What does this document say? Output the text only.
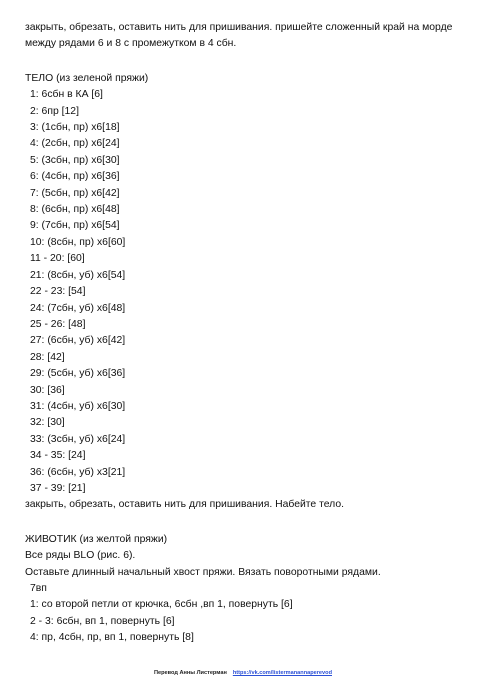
закрыть, обрезать, оставить нить для пришивания. пришейте сложенный край на морде между рядами 6 и 8 с промежутком в 4 сбн.

ТЕЛО (из зеленой пряжи)

1: 6сбн в КА [6]

2: 6пр [12]

3: (1сбн, пр) х6[18]

4: (2сбн, пр) х6[24]

5: (3сбн, пр) х6[30]

6: (4сбн, пр) х6[36]

7: (5сбн, пр) х6[42]

8: (6сбн, пр) х6[48]

9: (7сбн, пр) х6[54]

10: (8сбн, пр) х6[60]

11 - 20: [60]

21: (8сбн, уб) х6[54]

22 - 23: [54]

24: (7сбн, уб) х6[48]

25 - 26: [48]

27: (6сбн, уб) х6[42]

28: [42]

29: (5сбн, уб) х6[36]

30: [36]

31: (4сбн, уб) х6[30]

32: [30]

33: (3сбн, уб) х6[24]

34 - 35: [24]

36: (6сбн, уб) х3[21]

37 - 39: [21]

закрыть, обрезать, оставить нить для пришивания. Набейте тело.

ЖИВОТИК (из желтой пряжи)

Все ряды BLO (рис. 6).

Оставьте длинный начальный хвост пряжи. Вязать поворотными рядами.

7вп

1: со второй петли от крючка, 6сбн ,вп 1, повернуть [6]

2 - 3: 6сбн, вп 1, повернуть [6]

4: пр, 4сбн, пр, вп 1, повернуть [8]

Перевод Анны Листерман https://vk.com/listermanannaperevod
